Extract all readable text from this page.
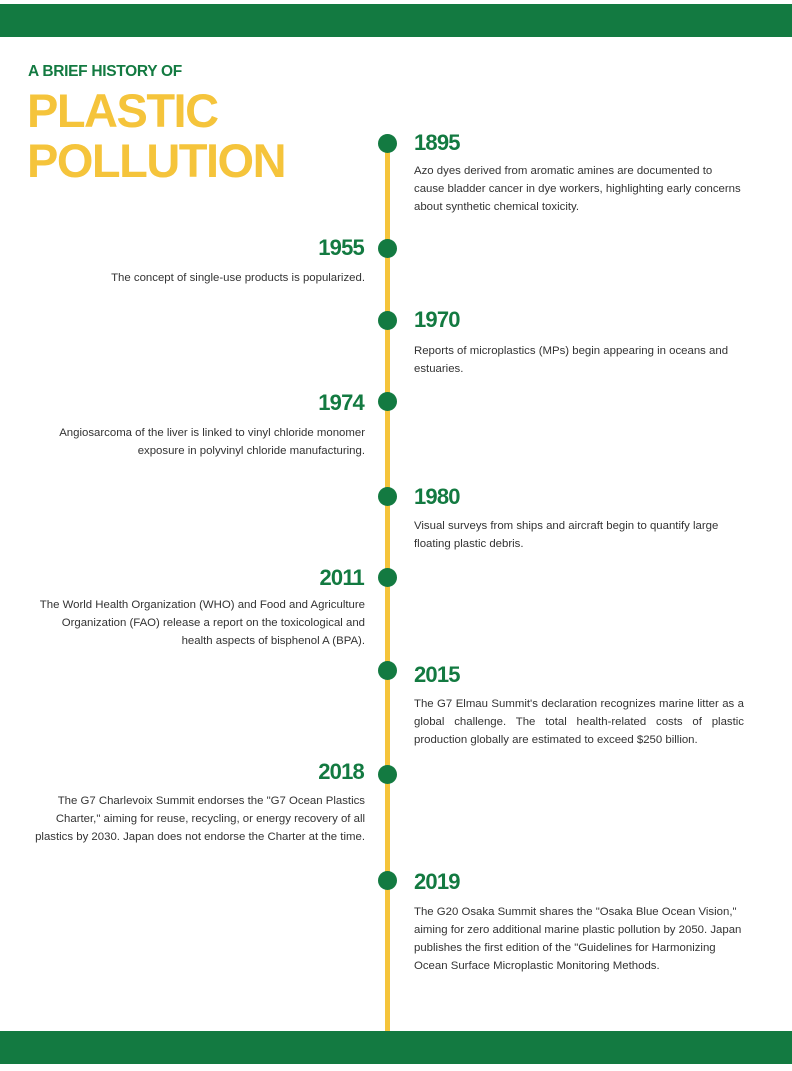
A BRIEF HISTORY OF
PLASTIC
POLLUTION	1895
Azo dyes derived from aromatic amines are documented to cause bladder cancer in dye workers, highlighting early concerns about synthetic chemical toxicity.
1955
The concept of single-use products is popularized.
1970
Reports of microplastics (MPs) begin appearing in oceans and estuaries.
1974
Angiosarcoma of the liver is linked to vinyl chloride monomer exposure in polyvinyl chloride manufacturing.
1980
Visual surveys from ships and aircraft begin to quantify large floating plastic debris.
2011
The World Health Organization (WHO) and Food and Agriculture Organization (FAO) release a report on the toxicological and health aspects of bisphenol A (BPA).
2015
The G7 Elmau Summit's declaration recognizes marine litter as a global challenge. The total health-related costs of plastic production globally are estimated to exceed $250 billion.
2018
The G7 Charlevoix Summit endorses the "G7 Ocean Plastics Charter," aiming for reuse, recycling, or energy recovery of all plastics by 2030. Japan does not endorse the Charter at the time.
2019
The G20 Osaka Summit shares the "Osaka Blue Ocean Vision," aiming for zero additional marine plastic pollution by 2050. Japan publishes the first edition of the "Guidelines for Harmonizing Ocean Surface Microplastic Monitoring Methods.
